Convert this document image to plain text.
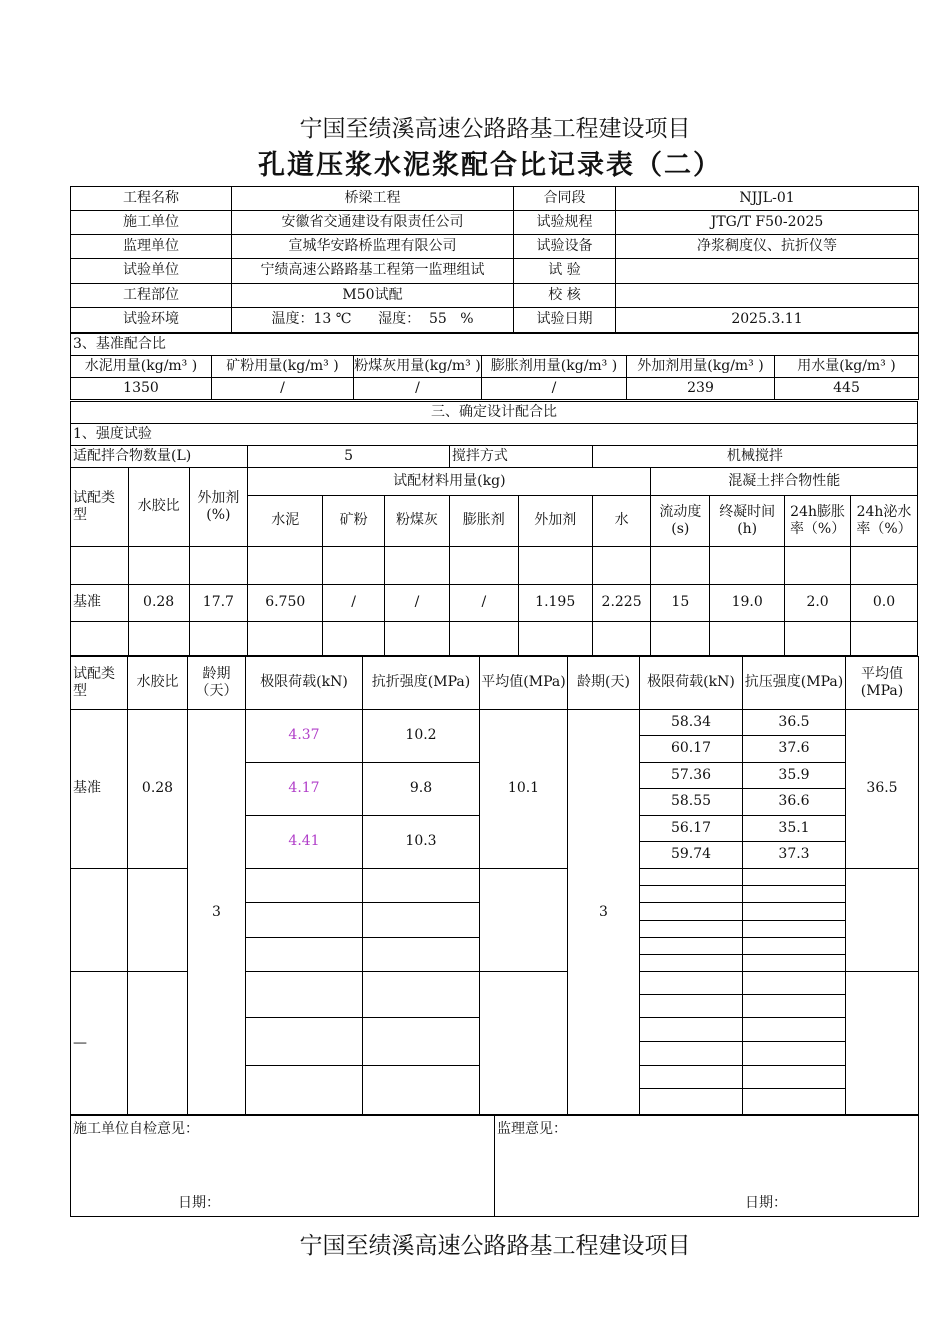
宁国至绩溪高速公路路基工程建设项目
孔道压浆水泥浆配合比记录表（二）
工程名称	桥梁工程	合同段	NJJL-01
施工单位	安徽省交通建设有限责任公司	试验规程	JTG/T F50-2025
监理单位	宣城华安路桥监理有限公司	试验设备	净浆稠度仪、抗折仪等
试验单位	宁绩高速公路路基工程第一监理组试	试 验	
工程部位	M50试配	校 核	
试验环境	温度：13 ℃      湿度：  55   %	试验日期	2025.3.11
3、基准配合比					
水泥用量(kg/m³ )	矿粉用量(kg/m³ )	粉煤灰用量(kg/m³ )	膨胀剂用量(kg/m³ )	外加剂用量(kg/m³ )	用水量(kg/m³ )
1350	/	/	/	239	445
三、确定设计配合比												
1、强度试验												
适配拌合物数量(L)			5			搅拌方式		机械搅拌				
试配类型	水胶比	外加剂(%)	试配材料用量(kg)						混凝土拌合物性能			
			水泥	矿粉	粉煤灰	膨胀剂	外加剂	水	流动度(s)	终凝时间(h)	24h膨胀率（%）	24h泌水率（%）

基准	0.28	17.7	6.750	/	/	/	1.195	2.225	15	19.0	2.0	0.0

试配类型	水胶比	龄期（天）	极限荷载(kN)	抗折强度(MPa)	平均值(MPa)	龄期(天)	极限荷载(kN)	抗压强度(MPa)	平均值(MPa)
基准	0.28	3	4.37	10.2	10.1	3	58.34	36.5	36.5
							60.17	37.6	
			4.17	9.8			57.36	35.9	
							58.55	36.6	
			4.41	10.3			56.17	35.1	
							59.74	37.3	

—									

施工单位自检意见：
日期：

监理意见：
日期：
宁国至绩溪高速公路路基工程建设项目
